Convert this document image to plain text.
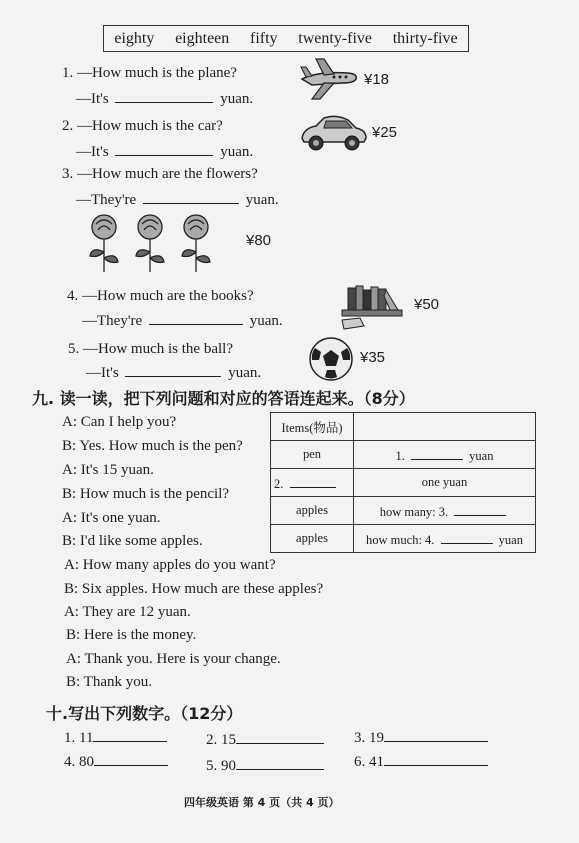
eighty eighteen fifty twenty-five thirty-five
1. —How much is the plane?
—It's	yuan.
¥18
2. —How much is the car?
—It's	yuan.
¥25
3. —How much are the flowers?
—They're	yuan.
¥80
4. —How much are the books?
—They're	yuan.
¥50
5. —How much is the ball?
—It's	yuan.
¥35
九. 读一读，把下列问题和对应的答语连起来。（8分）
A: Can I help you?
B: Yes. How much is the pen?
A: It's 15 yuan.
B: How much is the pencil?
A: It's one yuan.
B: I'd like some apples.
A: How many apples do you want?
B: Six apples. How much are these apples?
A: They are 12 yuan.
B: Here is the money.
A: Thank you. Here is your change.
B: Thank you.
Items(物品)	
pen	1. yuan
2.	one yuan
apples	how many: 3.
apples	how much: 4. yuan
十.写出下列数字。（12分）
1. 11	2. 15	3. 19
4. 80	5. 90	6. 41
四年级英语 第 4 页（共 4 页）
